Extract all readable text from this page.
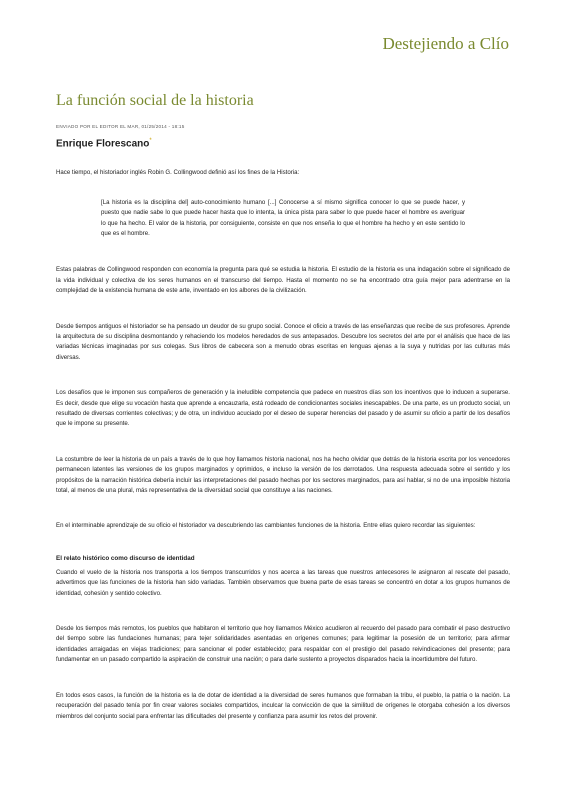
Destejiendo a Clío
La función social de la historia
ENVIADO POR EL EDITOR EL MAR, 01/25/2014 - 18:15
Enrique Florescano*

Hace tiempo, el historiador inglés Robin G. Collingwood definió así los fines de la Historia:

[La historia es la disciplina del] auto-conocimiento humano [...] Conocerse a sí mismo significa conocer lo que se puede hacer, y puesto que nadie sabe lo que puede hacer hasta que lo intenta, la única pista para saber lo que puede hacer el hombre es averiguar lo que ha hecho. El valor de la historia, por consiguiente, consiste en que nos enseña lo que el hombre ha hecho y en este sentido lo que es el hombre.

Estas palabras de Collingwood responden con economía la pregunta para qué se estudia la historia. El estudio de la historia es una indagación sobre el significado de la vida individual y colectiva de los seres humanos en el transcurso del tiempo. Hasta el momento no se ha encontrado otra guía mejor para adentrarse en la complejidad de la existencia humana de este arte, inventado en los albores de la civilización.

Desde tiempos antiguos el historiador se ha pensado un deudor de su grupo social. Conoce el oficio a través de las enseñanzas que recibe de sus profesores. Aprende la arquitectura de su disciplina desmontando y rehaciendo los modelos heredados de sus antepasados. Descubre los secretos del arte por el análisis que hace de las variadas técnicas imaginadas por sus colegas. Sus libros de cabecera son a menudo obras escritas en lenguas ajenas a la suya y nutridas por las culturas más diversas.

Los desafíos que le imponen sus compañeros de generación y la ineludible competencia que padece en nuestros días son los incentivos que lo inducen a superarse. Es decir, desde que elige su vocación hasta que aprende a encauzarla, está rodeado de condicionantes sociales inescapables. De una parte, es un producto social, un resultado de diversas corrientes colectivas; y de otra, un individuo acuciado por el deseo de superar herencias del pasado y de asumir su oficio a partir de los desafíos que le impone su presente.

La costumbre de leer la historia de un país a través de lo que hoy llamamos historia nacional, nos ha hecho olvidar que detrás de la historia escrita por los vencedores permanecen latentes las versiones de los grupos marginados y oprimidos, e incluso la versión de los derrotados. Una respuesta adecuada sobre el sentido y los propósitos de la narración histórica debería incluir las interpretaciones del pasado hechas por los sectores marginados, para así hablar, si no de una imposible historia total, al menos de una plural, más representativa de la diversidad social que constituye a las naciones.

En el interminable aprendizaje de su oficio el historiador va descubriendo las cambiantes funciones de la historia. Entre ellas quiero recordar las siguientes:

El relato histórico como discurso de identidad

Cuando el vuelo de la historia nos transporta a los tiempos transcurridos y nos acerca a las tareas que nuestros antecesores le asignaron al rescate del pasado, advertimos que las funciones de la historia han sido variadas. También observamos que buena parte de esas tareas se concentró en dotar a los grupos humanos de identidad, cohesión y sentido colectivo.

Desde los tiempos más remotos, los pueblos que habitaron el territorio que hoy llamamos México acudieron al recuerdo del pasado para combatir el paso destructivo del tiempo sobre las fundaciones humanas; para tejer solidaridades asentadas en orígenes comunes; para legitimar la posesión de un territorio; para afirmar identidades arraigadas en viejas tradiciones; para sancionar el poder establecido; para respaldar con el prestigio del pasado reivindicaciones del presente; para fundamentar en un pasado compartido la aspiración de construir una nación; o para darle sustento a proyectos disparados hacia la incertidumbre del futuro.

En todos esos casos, la función de la historia es la de dotar de identidad a la diversidad de seres humanos que formaban la tribu, el pueblo, la patria o la nación. La recuperación del pasado tenía por fin crear valores sociales compartidos, inculcar la convicción de que la similitud de orígenes le otorgaba cohesión a los diversos miembros del conjunto social para enfrentar las dificultades del presente y confianza para asumir los retos del provenir.
